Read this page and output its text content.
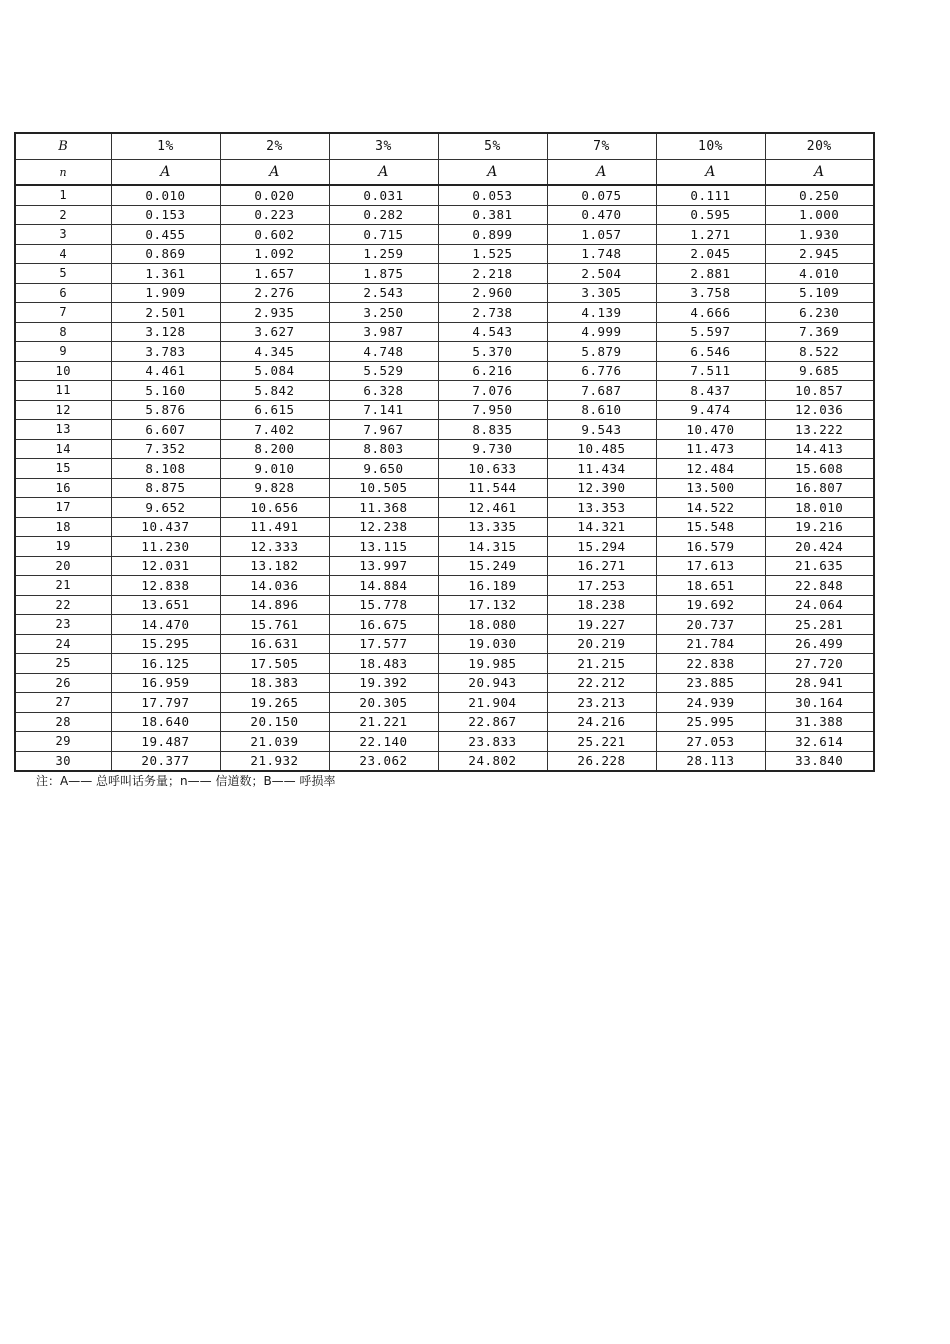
B	1%	2%	3%	5%	7%	10%	20%
n	A	A	A	A	A	A	A
1	0.010	0.020	0.031	0.053	0.075	0.111	0.250
2	0.153	0.223	0.282	0.381	0.470	0.595	1.000
3	0.455	0.602	0.715	0.899	1.057	1.271	1.930
4	0.869	1.092	1.259	1.525	1.748	2.045	2.945
5	1.361	1.657	1.875	2.218	2.504	2.881	4.010
6	1.909	2.276	2.543	2.960	3.305	3.758	5.109
7	2.501	2.935	3.250	2.738	4.139	4.666	6.230
8	3.128	3.627	3.987	4.543	4.999	5.597	7.369
9	3.783	4.345	4.748	5.370	5.879	6.546	8.522
10	4.461	5.084	5.529	6.216	6.776	7.511	9.685
11	5.160	5.842	6.328	7.076	7.687	8.437	10.857
12	5.876	6.615	7.141	7.950	8.610	9.474	12.036
13	6.607	7.402	7.967	8.835	9.543	10.470	13.222
14	7.352	8.200	8.803	9.730	10.485	11.473	14.413
15	8.108	9.010	9.650	10.633	11.434	12.484	15.608
16	8.875	9.828	10.505	11.544	12.390	13.500	16.807
17	9.652	10.656	11.368	12.461	13.353	14.522	18.010
18	10.437	11.491	12.238	13.335	14.321	15.548	19.216
19	11.230	12.333	13.115	14.315	15.294	16.579	20.424
20	12.031	13.182	13.997	15.249	16.271	17.613	21.635
21	12.838	14.036	14.884	16.189	17.253	18.651	22.848
22	13.651	14.896	15.778	17.132	18.238	19.692	24.064
23	14.470	15.761	16.675	18.080	19.227	20.737	25.281
24	15.295	16.631	17.577	19.030	20.219	21.784	26.499
25	16.125	17.505	18.483	19.985	21.215	22.838	27.720
26	16.959	18.383	19.392	20.943	22.212	23.885	28.941
27	17.797	19.265	20.305	21.904	23.213	24.939	30.164
28	18.640	20.150	21.221	22.867	24.216	25.995	31.388
29	19.487	21.039	22.140	23.833	25.221	27.053	32.614
30	20.377	21.932	23.062	24.802	26.228	28.113	33.840
注：A—— 总呼叫话务量；n—— 信道数；B—— 呼损率
